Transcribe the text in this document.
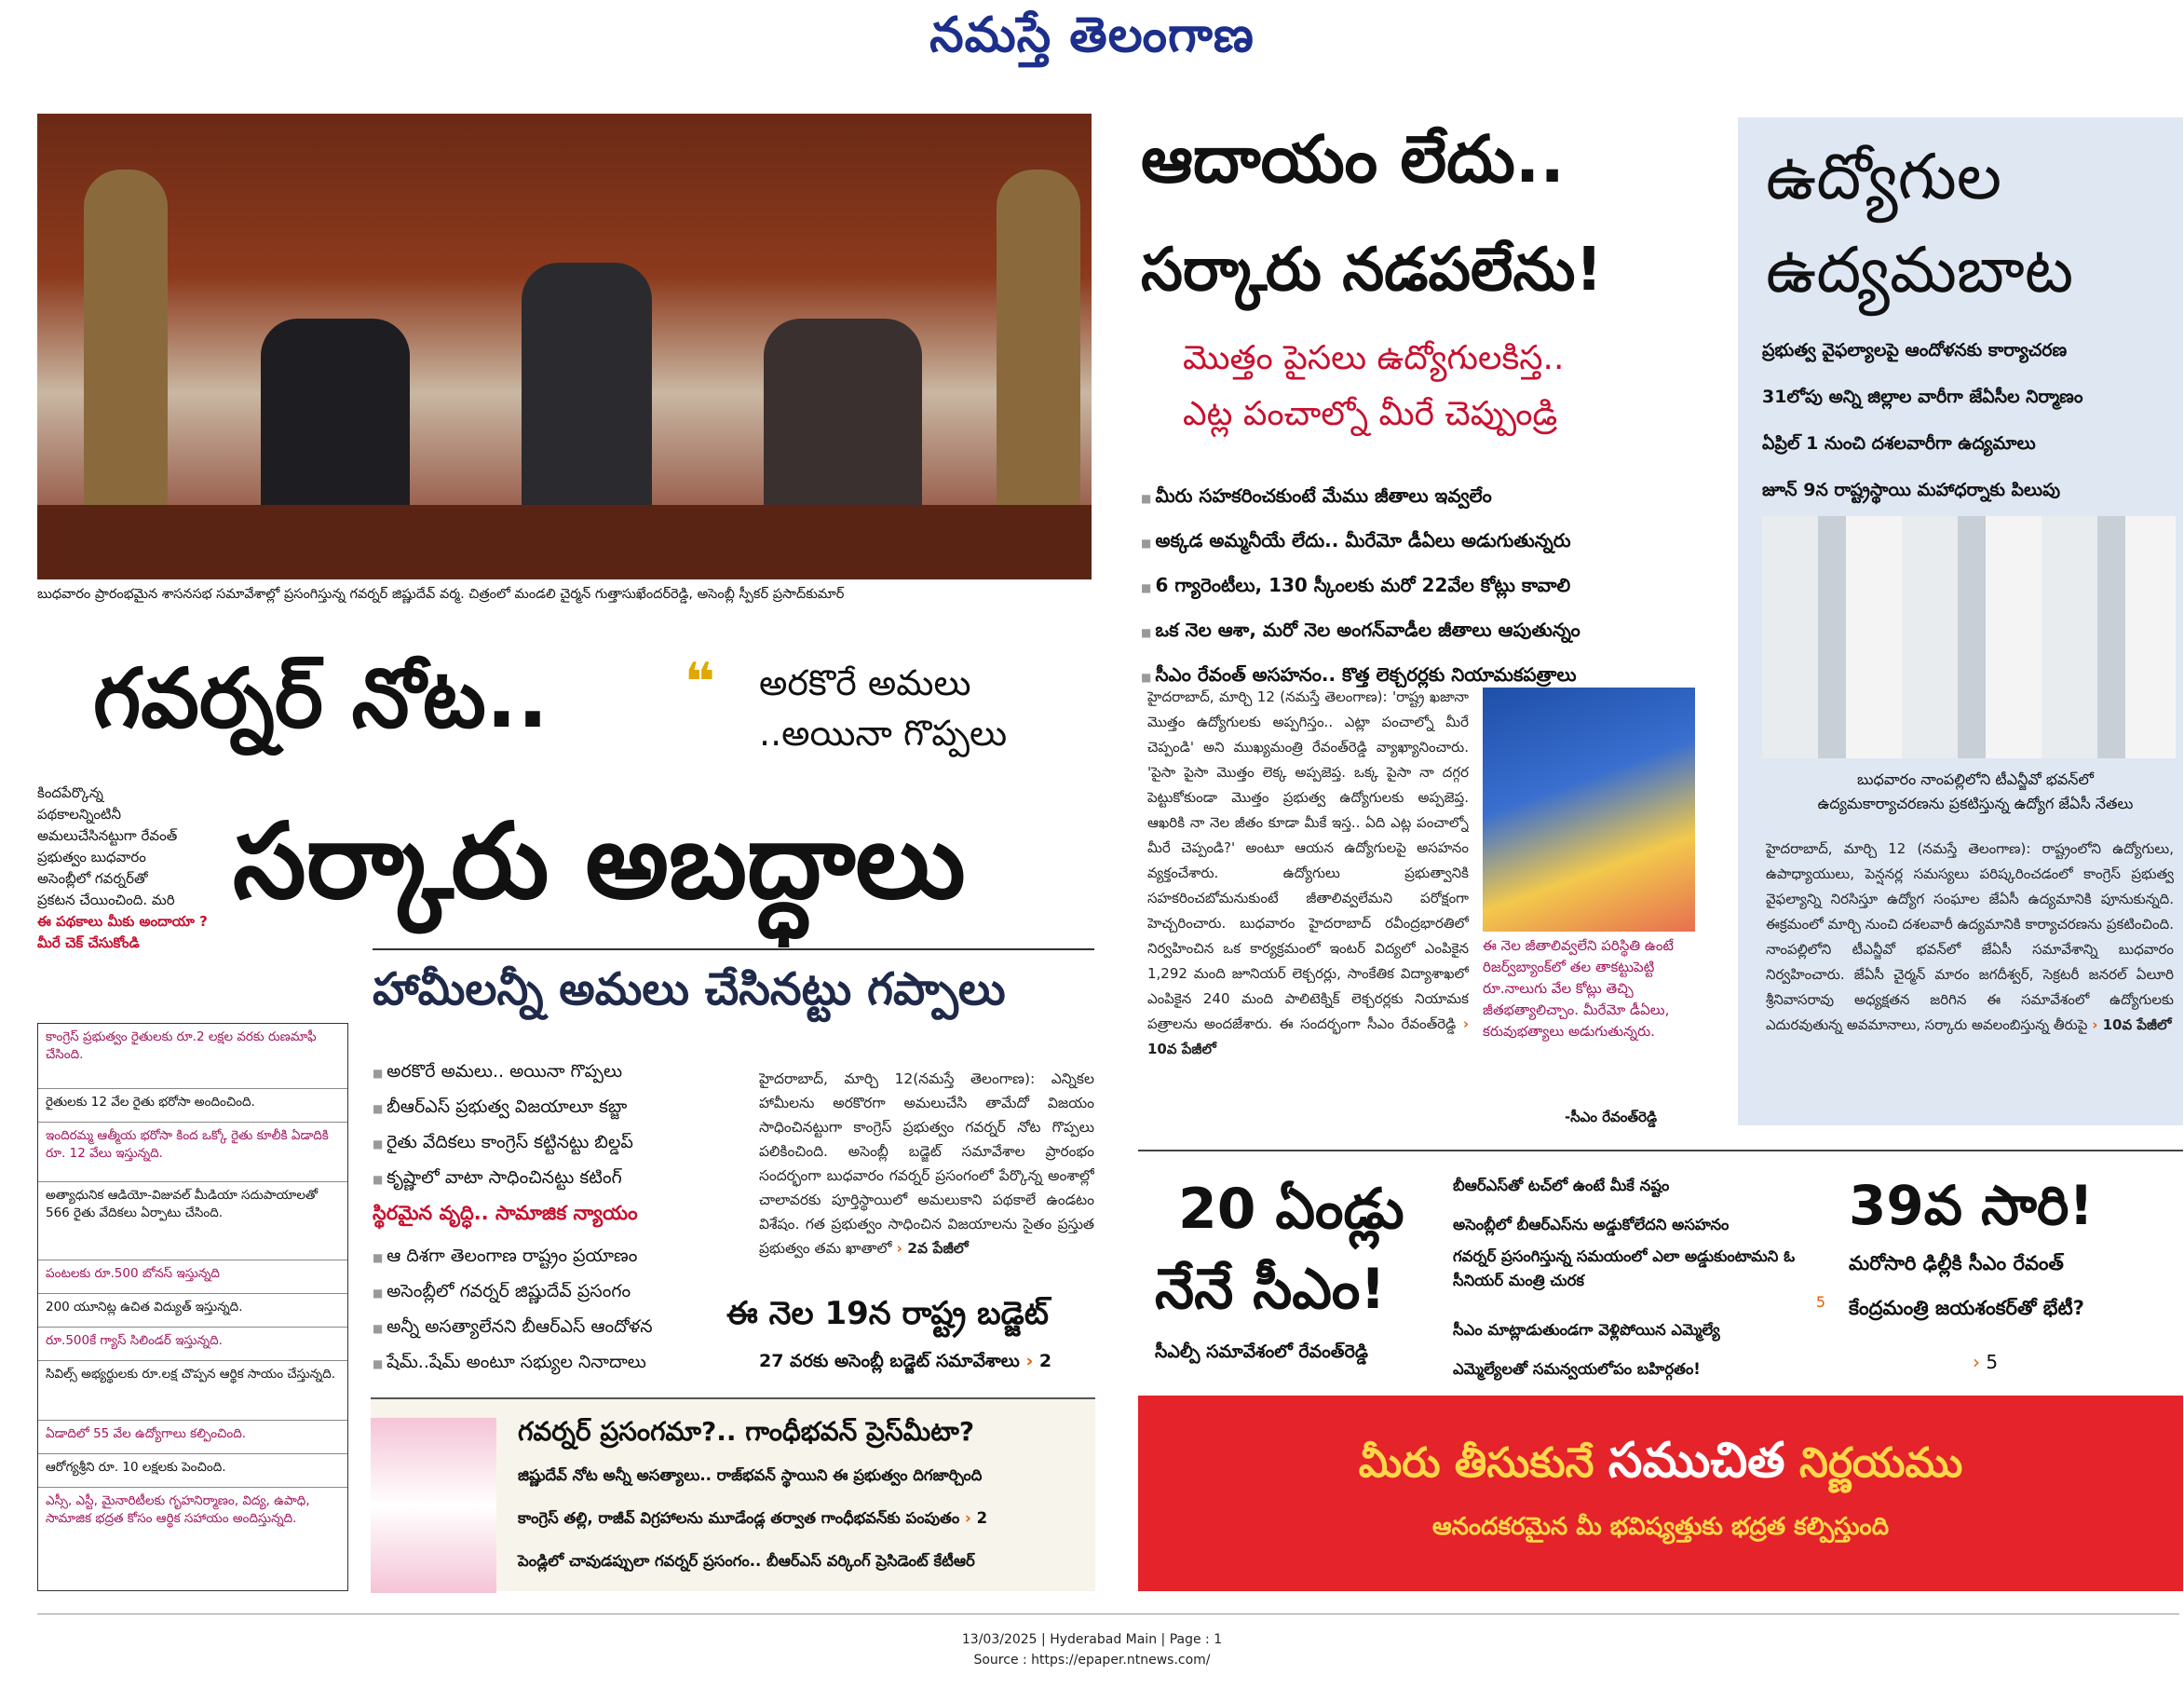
నమస్తే తెలంగాణ
బుధవారం ప్రారంభమైన శాసనసభ సమావేశాల్లో ప్రసంగిస్తున్న గవర్నర్ జిష్ణుదేవ్ వర్మ. చిత్రంలో మండలి చైర్మన్ గుత్తాసుఖేందర్‌రెడ్డి, అసెంబ్లీ స్పీకర్ ప్రసాద్‌కుమార్
గవర్నర్ నోట..	❝ అరకొరే అమలు
..అయినా గొప్పలు
సర్కారు అబద్ధాలు
కిందపేర్కొన్న
పథకాలన్నింటినీ
అమలుచేసినట్టుగా రేవంత్
ప్రభుత్వం బుధవారం
అసెంబ్లీలో గవర్నర్‌తో
ప్రకటన చేయించింది. మరి
ఈ పథకాలు మీకు అందాయా ?
మీరే చెక్ చేసుకోండి
హామీలన్నీ అమలు చేసినట్టు గప్పాలు
కాంగ్రెస్ ప్రభుత్వం రైతులకు రూ.2 లక్షల వరకు రుణమాఫీ చేసింది.
రైతులకు 12 వేల రైతు భరోసా అందించింది.
ఇందిరమ్మ ఆత్మీయ భరోసా కింద ఒక్కో రైతు కూలీకి ఏడాదికి రూ. 12 వేలు ఇస్తున్నది.
అత్యాధునిక ఆడియో-విజువల్ మీడియా సదుపాయాలతో 566 రైతు వేదికలు ఏర్పాటు చేసింది.
పంటలకు రూ.500 బోనస్ ఇస్తున్నది
200 యూనిట్ల ఉచిత విద్యుత్ ఇస్తున్నది.
రూ.500కే గ్యాస్ సిలిండర్ ఇస్తున్నది.
సివిల్స్ అభ్యర్థులకు రూ.లక్ష చొప్పన ఆర్థిక సాయం చేస్తున్నది.
ఏడాదిలో 55 వేల ఉద్యోగాలు కల్పించింది.
ఆరోగ్యశ్రీని రూ. 10 లక్షలకు పెంచింది.
ఎస్సీ, ఎస్టీ, మైనారిటీలకు గృహనిర్మాణం, విద్య, ఉపాధి, సామాజిక భద్రత కోసం ఆర్థిక సహాయం అందిస్తున్నది.
■ అరకొరే అమలు.. అయినా గొప్పలు
■ బీఆర్ఎస్ ప్రభుత్వ విజయాలూ కబ్జా
■ రైతు వేదికలు కాంగ్రెస్ కట్టినట్టు బిల్డప్
■ కృష్ణాలో వాటా సాధించినట్టు కటింగ్
స్థిరమైన వృద్ధి.. సామాజిక న్యాయం
■ ఆ దిశగా తెలంగాణ రాష్ట్రం ప్రయాణం
■ అసెంబ్లీలో గవర్నర్ జిష్ణుదేవ్ ప్రసంగం
■ అన్నీ అసత్యాలేనని బీఆర్ఎస్ ఆందోళన
■ షేమ్..షేమ్ అంటూ సభ్యుల నినాదాలు
హైదరాబాద్, మార్చి 12(నమస్తే తెలంగాణ): ఎన్నికల హామీలను అరకొరగా అమలుచేసి తామేదో విజయం సాధించినట్టుగా కాంగ్రెస్ ప్రభుత్వం గవర్నర్ నోట గొప్పలు పలికించింది. అసెంబ్లీ బడ్జెట్ సమావేశాల ప్రారంభం సందర్భంగా బుధవారం గవర్నర్ ప్రసంగంలో పేర్కొన్న అంశాల్లో చాలావరకు పూర్తిస్థాయిలో అమలుకాని పథకాలే ఉండటం విశేషం. గత ప్రభుత్వం సాధించిన విజయాలను సైతం ప్రస్తుత ప్రభుత్వం తమ ఖాతాలో › 2వ పేజీలో
ఈ నెల 19న రాష్ట్ర బడ్జెట్
27 వరకు అసెంబ్లీ బడ్జెట్ సమావేశాలు › 2
గవర్నర్ ప్రసంగమా?.. గాంధీభవన్ ప్రెస్‌మీటా?
జిష్ణుదేవ్ నోట అన్నీ అసత్యాలు.. రాజ్‌భవన్ స్థాయిని ఈ ప్రభుత్వం దిగజార్చింది
కాంగ్రెస్ తల్లి, రాజీవ్ విగ్రహాలను మూడేండ్ల తర్వాత గాంధీభవన్‌కు పంపుతం › 2
పెండ్లిలో చావుడప్పులా గవర్నర్ ప్రసంగం.. బీఆర్ఎస్ వర్కింగ్ ప్రెసిడెంట్ కేటీఆర్
ఆదాయం లేదు..
సర్కారు నడపలేను!
మొత్తం పైసలు ఉద్యోగులకిస్త..
ఎట్ల పంచాల్నో మీరే చెప్పుండ్రి
■ మీరు సహకరించకుంటే మేము జీతాలు ఇవ్వలేం
■ అక్కడ అమ్మనీయే లేదు.. మీరేమో డీఏలు అడుగుతున్నరు
■ 6 గ్యారెంటీలు, 130 స్కీంలకు మరో 22వేల కోట్లు కావాలి
■ ఒక నెల ఆశా, మరో నెల అంగన్‌వాడీల జీతాలు ఆపుతున్నం
■ సీఎం రేవంత్ అసహనం.. కొత్త లెక్చరర్లకు నియామకపత్రాలు
హైదరాబాద్, మార్చి 12 (నమస్తే తెలంగాణ): 'రాష్ట్ర ఖజానా మొత్తం ఉద్యోగులకు అప్పగిస్తం.. ఎట్లా పంచాల్నో మీరే చెప్పండి' అని ముఖ్యమంత్రి రేవంత్‌రెడ్డి వ్యాఖ్యానించారు. 'పైసా పైసా మొత్తం లెక్క అప్పజెప్త. ఒక్క పైసా నా దగ్గర పెట్టుకోకుండా మొత్తం ప్రభుత్వ ఉద్యోగులకు అప్పజెప్త. ఆఖరికి నా నెల జీతం కూడా మీకే ఇస్త.. ఏది ఎట్ల పంచాల్నో మీరే చెప్పండి?' అంటూ ఆయన ఉద్యోగులపై అసహనం వ్యక్తంచేశారు. ఉద్యోగులు ప్రభుత్వానికి సహకరించబోమనుకుంటే జీతాలివ్వలేమని పరోక్షంగా హెచ్చరించారు. బుధవారం హైదరాబాద్ రవీంద్రభారతిలో నిర్వహించిన ఒక కార్యక్రమంలో ఇంటర్ విద్యలో ఎంపికైన 1,292 మంది జూనియర్ లెక్చరర్లు, సాంకేతిక విద్యాశాఖలో ఎంపికైన 240 మంది పాలిటెక్నిక్ లెక్చరర్లకు నియామక పత్రాలను అందజేశారు. ఈ సందర్భంగా సీఎం రేవంత్‌రెడ్డి › 10వ పేజీలో
ఈ నెల జీతాలివ్వలేని పరిస్థితి ఉంటే రిజర్వ్‌బ్యాంక్‌లో తల తాకట్టుపెట్టి రూ.నాలుగు వేల కోట్లు తెచ్చి జీతభత్యాలిచ్చాం. మీరేమో డీఏలు, కరువుభత్యాలు అడుగుతున్నరు.
-సీఎం రేవంత్‌రెడ్డి
ఉద్యోగుల
ఉద్యమబాట
ప్రభుత్వ వైఫల్యాలపై ఆందోళనకు కార్యాచరణ
31లోపు అన్ని జిల్లాల వారీగా జేఏసీల నిర్మాణం
ఏప్రిల్ 1 నుంచి దశలవారీగా ఉద్యమాలు
జూన్ 9న రాష్ట్రస్థాయి మహాధర్నాకు పిలుపు
బుధవారం నాంపల్లిలోని టీఎన్జీవో భవన్‌లో ఉద్యమకార్యాచరణను ప్రకటిస్తున్న ఉద్యోగ జేఏసీ నేతలు
హైదరాబాద్, మార్చి 12 (నమస్తే తెలంగాణ): రాష్ట్రంలోని ఉద్యోగులు, ఉపాధ్యాయులు, పెన్షనర్ల సమస్యలు పరిష్కరించడంలో కాంగ్రెస్ ప్రభుత్వ వైఫల్యాన్ని నిరసిస్తూ ఉద్యోగ సంఘాల జేఏసీ ఉద్యమానికి పూనుకున్నది. ఈక్రమంలో మార్చి నుంచి దశలవారీ ఉద్యమానికి కార్యాచరణను ప్రకటించింది. నాంపల్లిలోని టీఎన్జీవో భవన్‌లో జేఏసీ సమావేశాన్ని బుధవారం నిర్వహించారు. జేఏసీ చైర్మన్ మారం జగదీశ్వర్, సెక్రటరీ జనరల్ ఏలూరి శ్రీనివాసరావు అధ్యక్షతన జరిగిన ఈ సమావేశంలో ఉద్యోగులకు ఎదురవుతున్న అవమానాలు, సర్కారు అవలంబిస్తున్న తీరుపై › 10వ పేజీలో
20 ఏండ్లు
నేనే సీఎం!
సీఎల్పీ సమావేశంలో రేవంత్‌రెడ్డి
బీఆర్ఎస్‌తో టచ్‌లో ఉంటే మీకే నష్టం
అసెంబ్లీలో బీఆర్ఎస్‌ను అడ్డుకోలేదని అసహనం
గవర్నర్ ప్రసంగిస్తున్న సమయంలో ఎలా అడ్డుకుంటామని ఓ సీనియర్ మంత్రి చురక
5
సీఎం మాట్లాడుతుండగా వెళ్లిపోయిన ఎమ్మెల్యే
ఎమ్మెల్యేలతో సమన్వయలోపం బహిర్గతం!
39వ సారి!
మరోసారి ఢిల్లీకి సీఎం రేవంత్
కేంద్రమంత్రి జయశంకర్‌తో భేటీ?
› 5
మీరు తీసుకునే సముచిత నిర్ణయము
ఆనందకరమైన మీ భవిష్యత్తుకు భద్రత కల్పిస్తుంది
13/03/2025 | Hyderabad Main | Page : 1
Source : https://epaper.ntnews.com/
